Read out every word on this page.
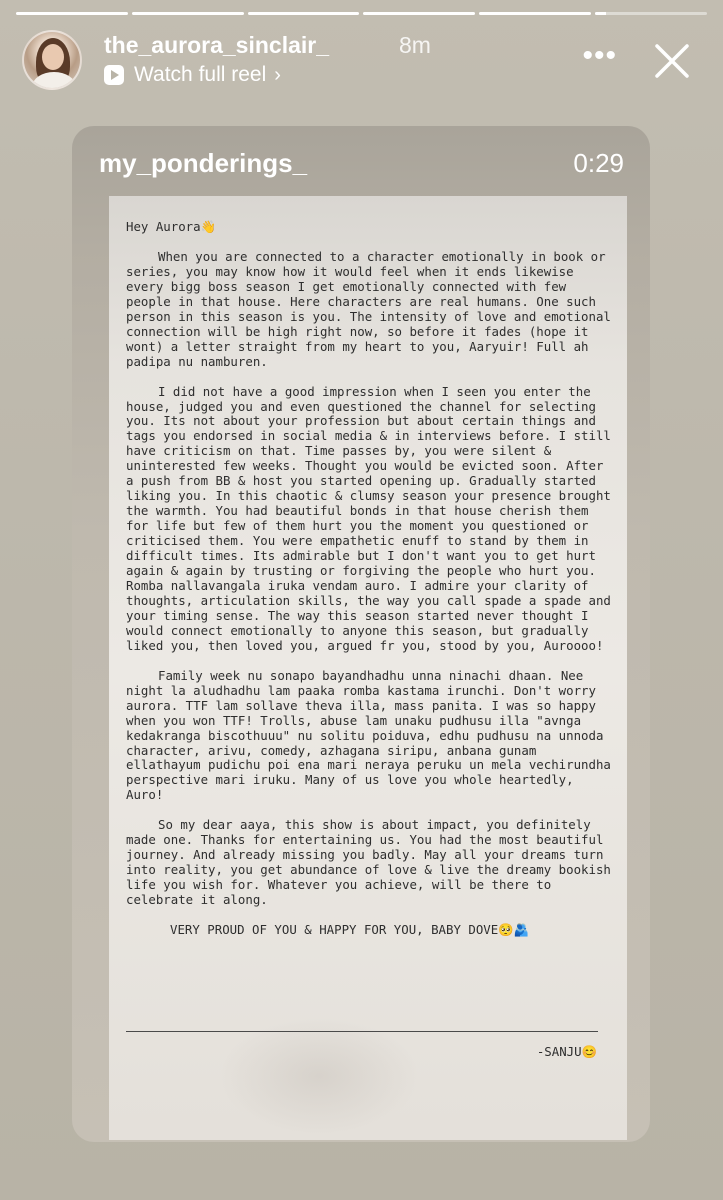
the_aurora_sinclair_	8m
Watch full reel ›
•••
my_ponderings_	0:29

Hey Aurora👋

When you are connected to a character emotionally in book or series, you may know how it would feel when it ends likewise every bigg boss season I get emotionally connected with few people in that house. Here characters are real humans. One such person in this season is you. The intensity of love and emotional connection will be high right now, so before it fades (hope it wont) a letter straight from my heart to you, Aaryuir! Full ah padipa nu namburen.

I did not have a good impression when I seen you enter the house, judged you and even questioned the channel for selecting you. Its not about your profession but about certain things and tags you endorsed in social media & in interviews before. I still have criticism on that. Time passes by, you were silent & uninterested few weeks. Thought you would be evicted soon. After a push from BB & host you started opening up. Gradually started liking you. In this chaotic & clumsy season your presence brought the warmth. You had beautiful bonds in that house cherish them for life but few of them hurt you the moment you questioned or criticised them. You were empathetic enuff to stand by them in difficult times. Its admirable but I don't want you to get hurt again & again by trusting or forgiving the people who hurt you. Romba nallavangala iruka vendam auro. I admire your clarity of thoughts, articulation skills, the way you call spade a spade and your timing sense. The way this season started never thought I would connect emotionally to anyone this season, but gradually liked you, then loved you, argued fr you, stood by you, Auroooo!

Family week nu sonapo bayandhadhu unna ninachi dhaan. Nee night la aludhadhu lam paaka romba kastama irunchi. Don't worry aurora. TTF lam sollave theva illa, mass panita. I was so happy when you won TTF! Trolls, abuse lam unaku pudhusu illa "avnga kedakranga biscothuuu" nu solitu poiduva, edhu pudhusu na unnoda character, arivu, comedy, azhagana siripu, anbana gunam ellathayum pudichu poi ena mari neraya peruku un mela vechirundha perspective mari iruku. Many of us love you whole heartedly, Auro!

So my dear aaya, this show is about impact, you definitely made one. Thanks for entertaining us. You had the most beautiful journey. And already missing you badly. May all your dreams turn into reality, you get abundance of love & live the dreamy bookish life you wish for. Whatever you achieve, will be there to celebrate it along.

VERY PROUD OF YOU & HAPPY FOR YOU, BABY DOVE🥺🫂

-SANJU😊
